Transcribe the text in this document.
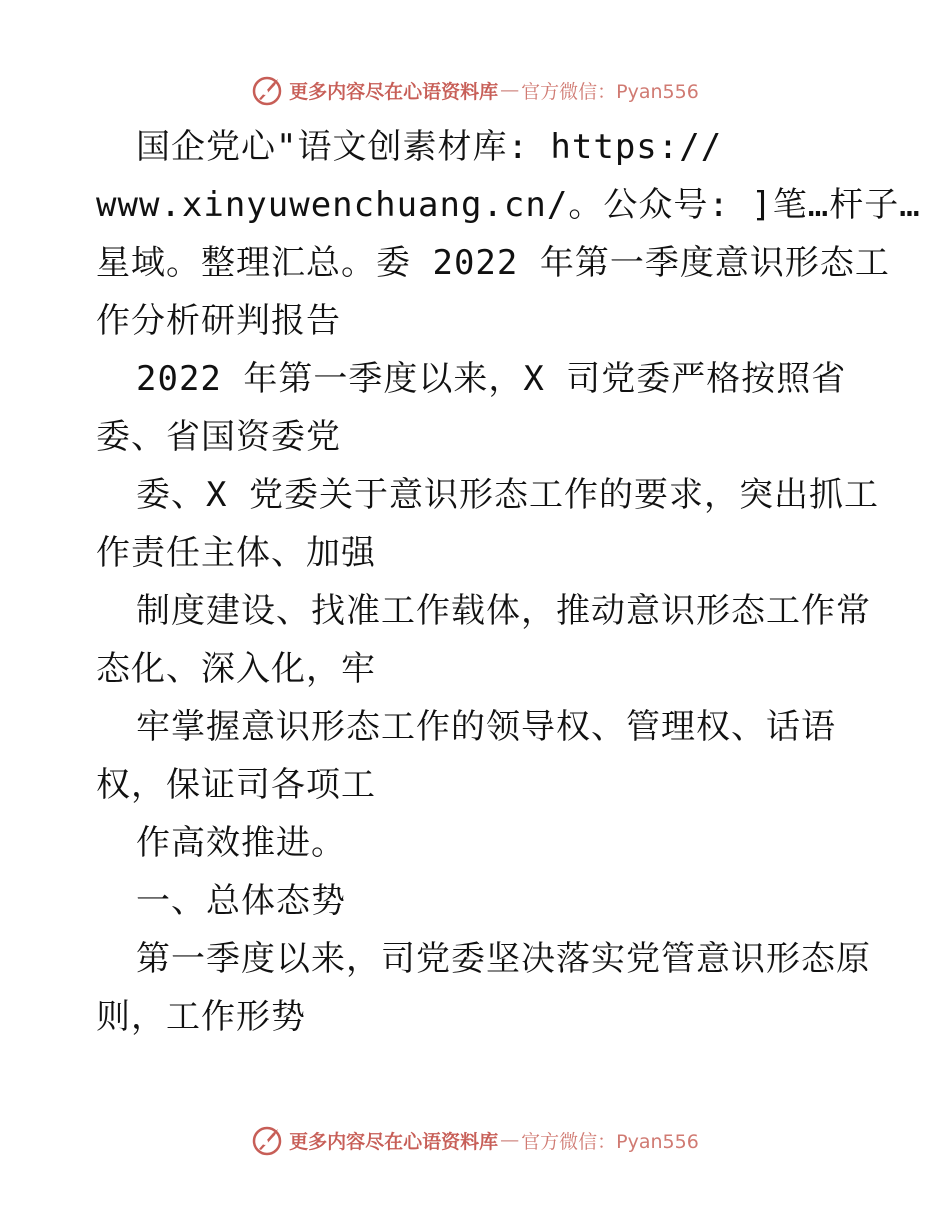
更多内容尽在心语资料库 — 官方微信：Pyan556

国企党心"语文创素材库: https://

www.xinyuwenchuang.cn/。公众号: ]笔…杆子…

星域。整理汇总。委 2022 年第一季度意识形态工

作分析研判报告

2022 年第一季度以来，X 司党委严格按照省

委、省国资委党

委、X 党委关于意识形态工作的要求，突出抓工

作责任主体、加强

制度建设、找准工作载体，推动意识形态工作常

态化、深入化，牢

牢掌握意识形态工作的领导权、管理权、话语

权，保证司各项工

作高效推进。

一、总体态势

第一季度以来，司党委坚决落实党管意识形态原

则，工作形势

更多内容尽在心语资料库 — 官方微信：Pyan556
